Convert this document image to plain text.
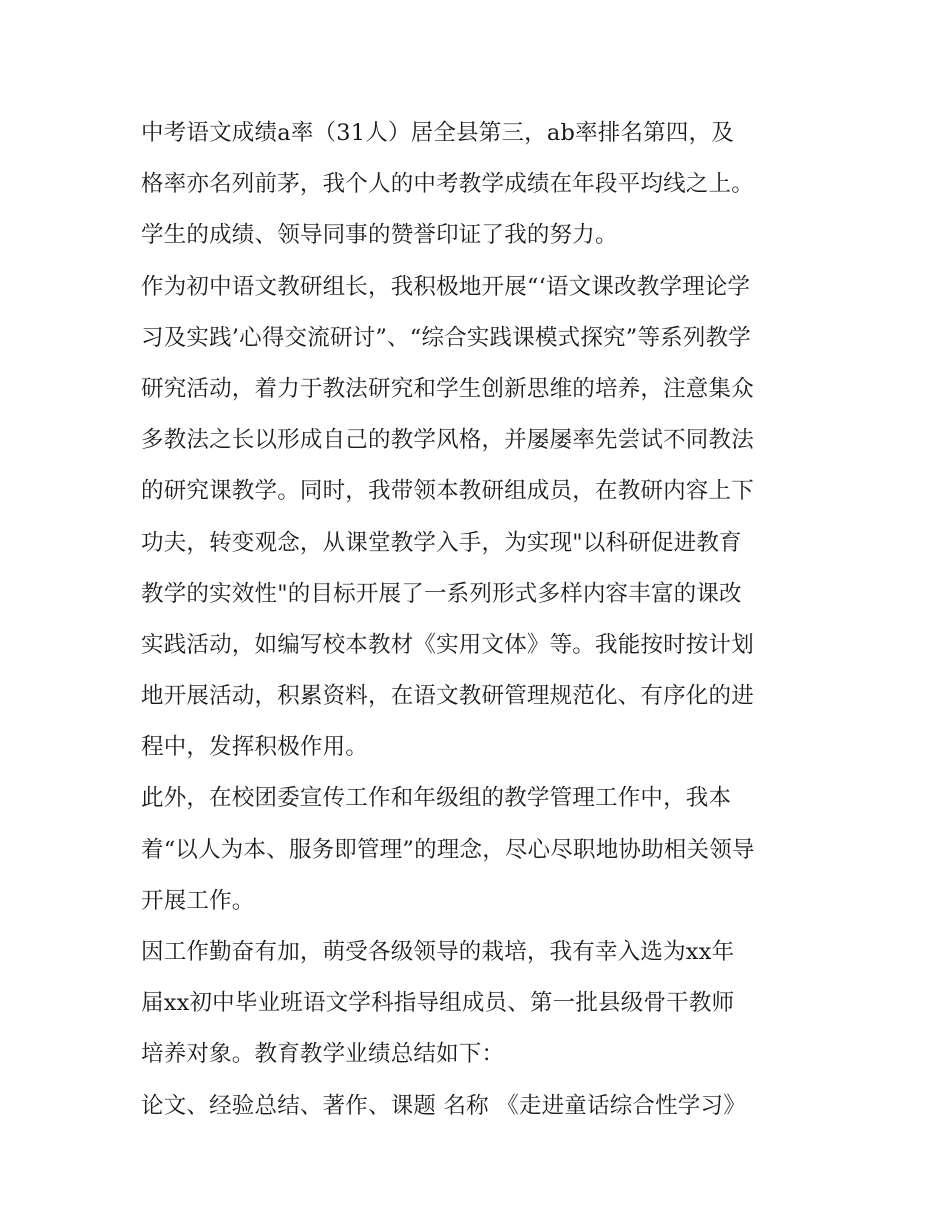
中考语文成绩a率（31人）居全县第三，ab率排名第四，及
格率亦名列前茅，我个人的中考教学成绩在年段平均线之上。
学生的成绩、领导同事的赞誉印证了我的努力。
作为初中语文教研组长，我积极地开展“‘语文课改教学理论学
习及实践’心得交流研讨”、“综合实践课模式探究”等系列教学
研究活动，着力于教法研究和学生创新思维的培养，注意集众
多教法之长以形成自己的教学风格，并屡屡率先尝试不同教法
的研究课教学。同时，我带领本教研组成员，在教研内容上下
功夫，转变观念，从课堂教学入手，为实现"以科研促进教育
教学的实效性"的目标开展了一系列形式多样内容丰富的课改
实践活动，如编写校本教材《实用文体》等。我能按时按计划
地开展活动，积累资料，在语文教研管理规范化、有序化的进
程中，发挥积极作用。
此外，在校团委宣传工作和年级组的教学管理工作中，我本
着“以人为本、服务即管理”的理念，尽心尽职地协助相关领导
开展工作。
因工作勤奋有加，萌受各级领导的栽培，我有幸入选为xx年
届xx初中毕业班语文学科指导组成员、第一批县级骨干教师
培养对象。教育教学业绩总结如下：
论文、经验总结、著作、课题 名称 《走进童话综合性学习》
